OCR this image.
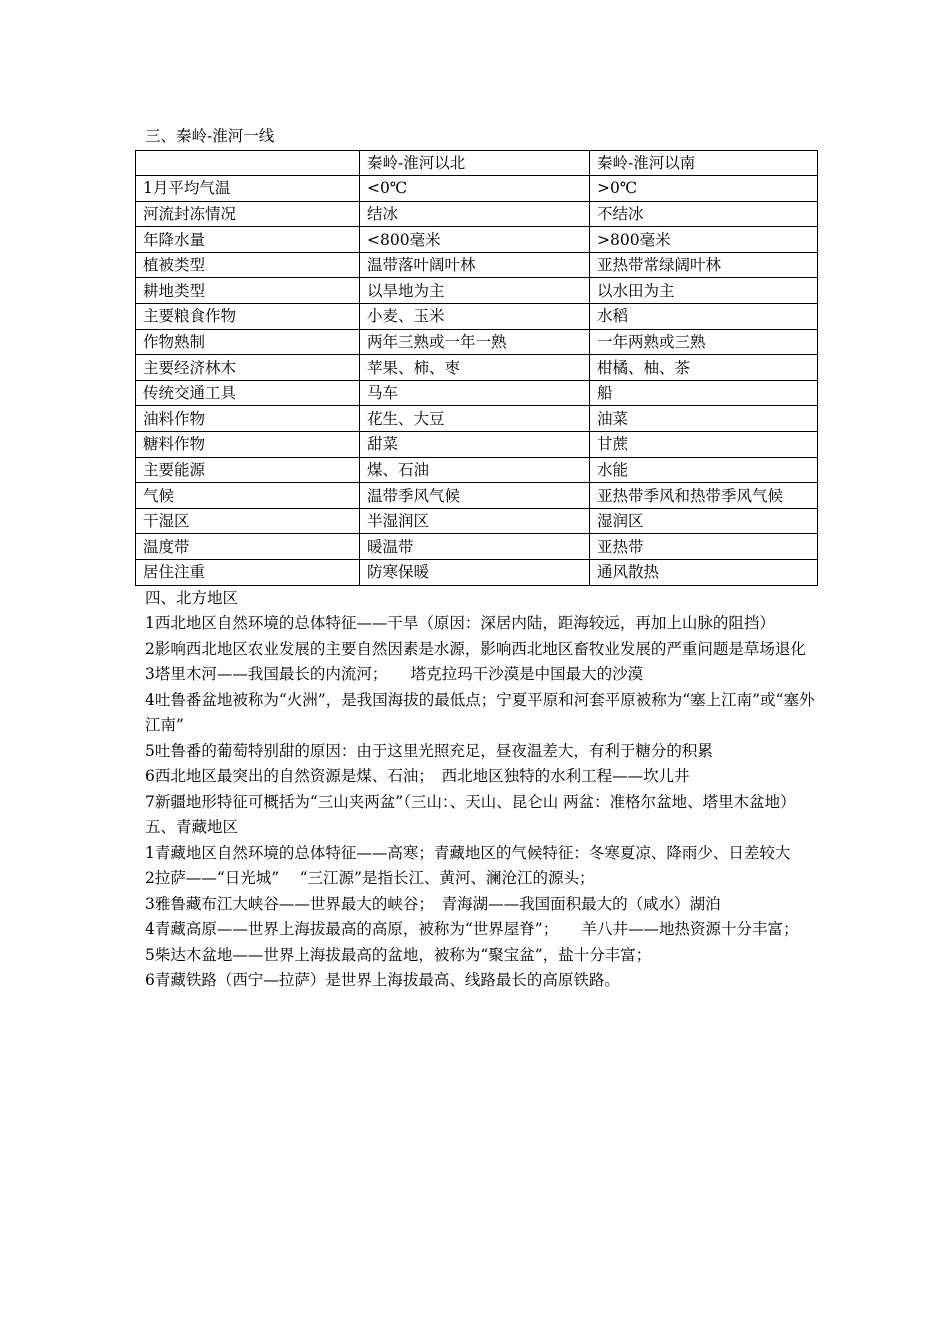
三、秦岭-淮河一线

	秦岭-淮河以北	秦岭-淮河以南
1月平均气温	<0℃	>0℃
河流封冻情况	结冰	不结冰
年降水量	<800毫米	>800毫米
植被类型	温带落叶阔叶林	亚热带常绿阔叶林
耕地类型	以旱地为主	以水田为主
主要粮食作物	小麦、玉米	水稻
作物熟制	两年三熟或一年一熟	一年两熟或三熟
主要经济林木	苹果、柿、枣	柑橘、柚、茶
传统交通工具	马车	船
油料作物	花生、大豆	油菜
糖料作物	甜菜	甘蔗
主要能源	煤、石油	水能
气候	温带季风气候	亚热带季风和热带季风气候
干湿区	半湿润区	湿润区
温度带	暖温带	亚热带
居住注重	防寒保暖	通风散热

四、北方地区

1西北地区自然环境的总体特征——干旱（原因：深居内陆，距海较远，再加上山脉的阻挡）

2影响西北地区农业发展的主要自然因素是水源，影响西北地区畜牧业发展的严重问题是草场退化

3塔里木河——我国最长的内流河；　　塔克拉玛干沙漠是中国最大的沙漠

4吐鲁番盆地被称为“火洲”，是我国海拔的最低点；宁夏平原和河套平原被称为“塞上江南”或“塞外江南”

5吐鲁番的葡萄特别甜的原因：由于这里光照充足，昼夜温差大，有利于糖分的积累

6西北地区最突出的自然资源是煤、石油；　西北地区独特的水利工程——坎儿井

7新疆地形特征可概括为“三山夹两盆”（三山：、天山、昆仑山 两盆：准格尔盆地、塔里木盆地）

五、青藏地区

1青藏地区自然环境的总体特征——高寒；青藏地区的气候特征：冬寒夏凉、降雨少、日差较大

2拉萨——“日光城”　 “三江源”是指长江、黄河、澜沧江的源头；

3雅鲁藏布江大峡谷——世界最大的峡谷；　青海湖——我国面积最大的（咸水）湖泊

4青藏高原——世界上海拔最高的高原，被称为“世界屋脊”；　　羊八井——地热资源十分丰富；

5柴达木盆地——世界上海拔最高的盆地，被称为“聚宝盆”，盐十分丰富；

6青藏铁路（西宁—拉萨）是世界上海拔最高、线路最长的高原铁路。
